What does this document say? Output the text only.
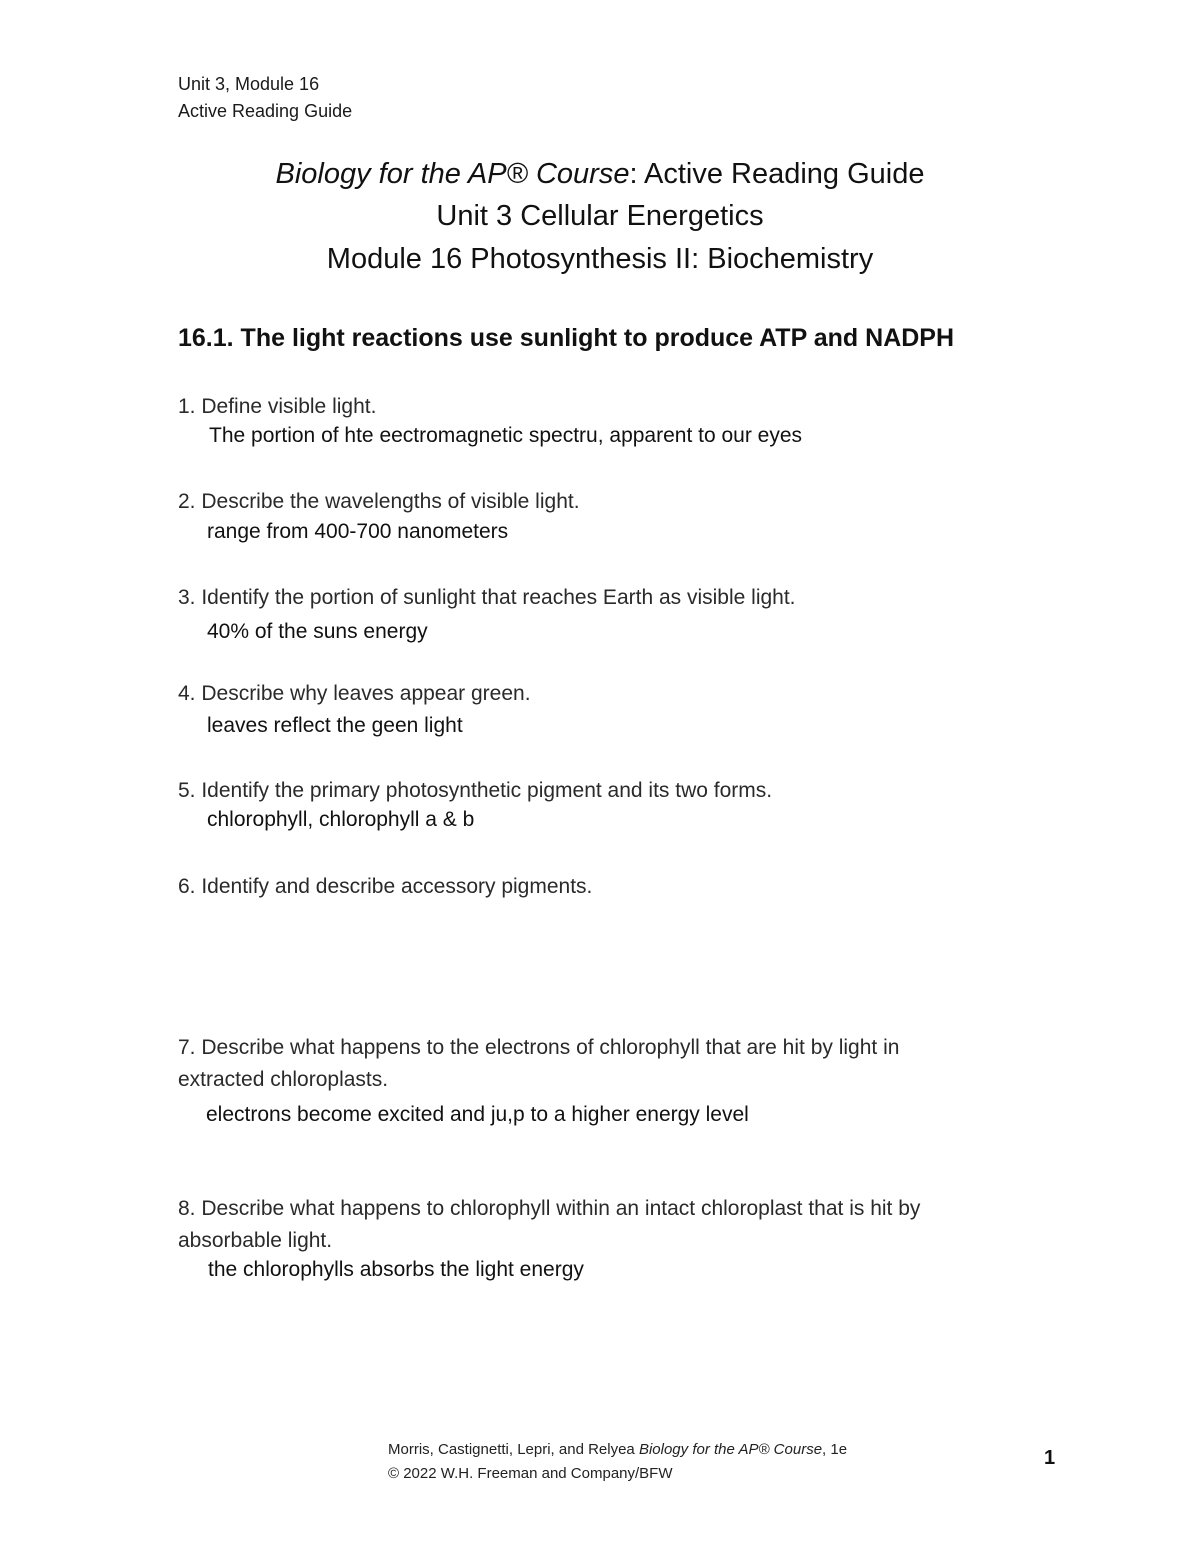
Unit 3, Module 16
Active Reading Guide
Biology for the AP® Course: Active Reading Guide
Unit 3 Cellular Energetics
Module 16 Photosynthesis II: Biochemistry
16.1. The light reactions use sunlight to produce ATP and NADPH
1. Define visible light.
The portion of hte eectromagnetic spectru, apparent to our eyes
2. Describe the wavelengths of visible light.
range from 400-700 nanometers
3. Identify the portion of sunlight that reaches Earth as visible light.
40% of the suns energy
4. Describe why leaves appear green.
leaves reflect the geen light
5. Identify the primary photosynthetic pigment and its two forms.
chlorophyll, chlorophyll a & b
6. Identify and describe accessory pigments.
7. Describe what happens to the electrons of chlorophyll that are hit by light in
extracted chloroplasts.
electrons become excited and ju,p to a higher energy level
8. Describe what happens to chlorophyll within an intact chloroplast that is hit by
absorbable light.
the chlorophylls absorbs the light energy
Morris, Castignetti, Lepri, and Relyea Biology for the AP® Course, 1e
© 2022 W.H. Freeman and Company/BFW
1
